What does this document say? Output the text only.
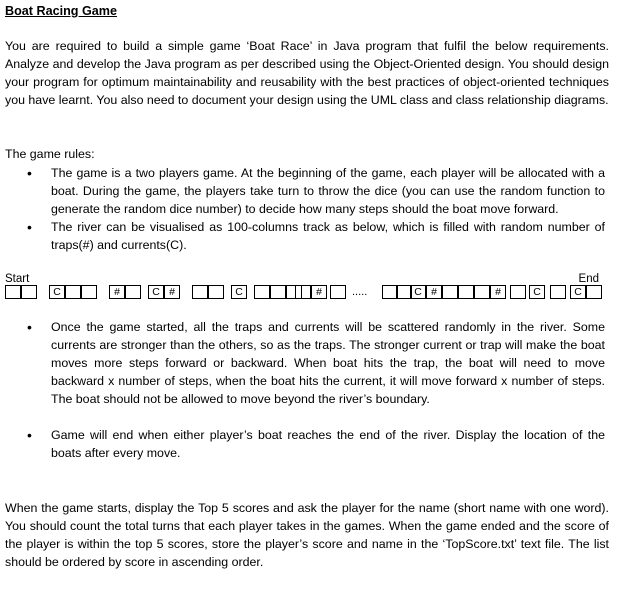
Boat Racing Game
You are required to build a simple game ‘Boat Race’ in Java program that fulfil the below requirements. Analyze and develop the Java program as per described using the Object-Oriented design. You should design your program for optimum maintainability and reusability with the best practices of object-oriented techniques you have learnt. You also need to document your design using the UML class and class relationship diagrams.
The game rules:
• The game is a two players game. At the beginning of the game, each player will be allocated with a boat. During the game, the players take turn to throw the dice (you can use the random function to generate the random dice number) to decide how many steps should the boat move forward.
• The river can be visualised as 100-columns track as below, which is filled with random number of traps(#) and currents(C).
Start	End
C	#	C #	C	#	.....	C #	#	C	C
• Once the game started, all the traps and currents will be scattered randomly in the river. Some currents are stronger than the others, so as the traps. The stronger current or trap will make the boat moves more steps forward or backward. When boat hits the trap, the boat will need to move backward x number of steps, when the boat hits the current, it will move forward x number of steps. The boat should not be allowed to move beyond the river’s boundary.
• Game will end when either player’s boat reaches the end of the river. Display the location of the boats after every move.
When the game starts, display the Top 5 scores and ask the player for the name (short name with one word). You should count the total turns that each player takes in the games. When the game ended and the score of the player is within the top 5 scores, store the player’s score and name in the ‘TopScore.txt’ text file. The list should be ordered by score in ascending order.
